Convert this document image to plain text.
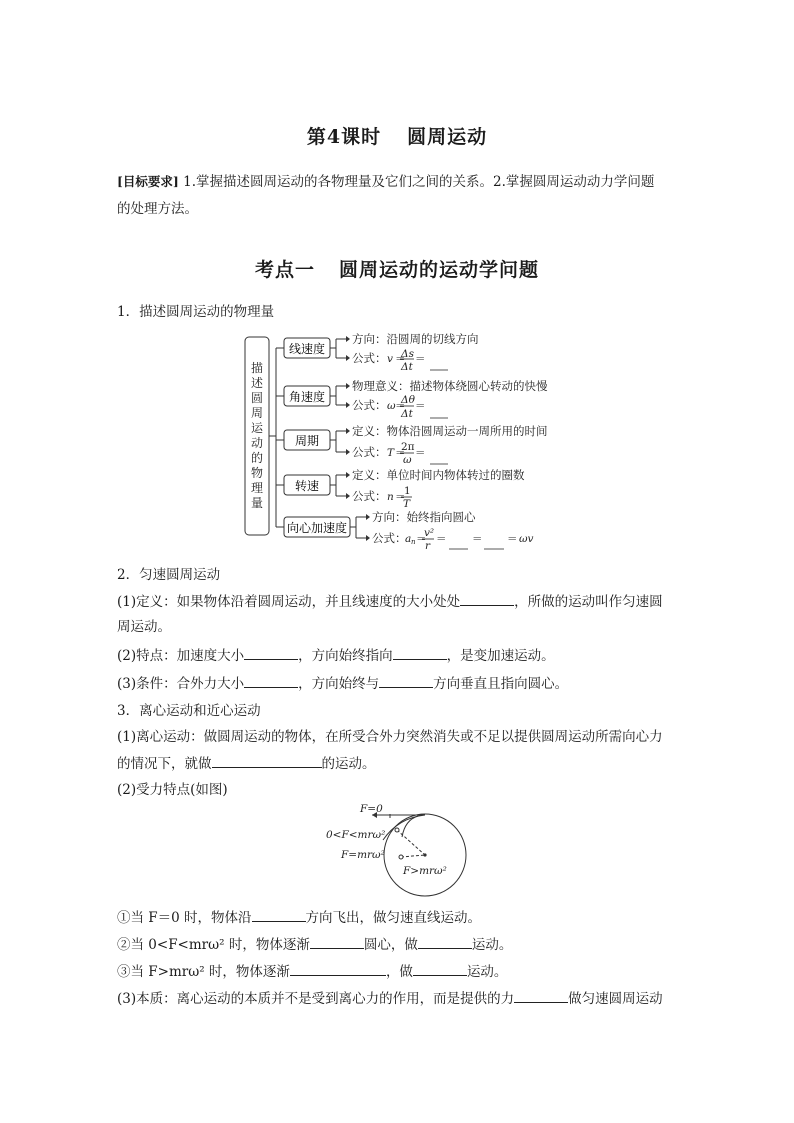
第4课时 圆周运动
[目标要求] 1.掌握描述圆周运动的各物理量及它们之间的关系。2.掌握圆周运动动力学问题
的处理方法。
考点一 圆周运动的运动学问题
1．描述圆周运动的物理量
描
述
圆
周
运
动
的
物
理
量
线速度
角速度
周期
转速
向心加速度
方向：沿圆周的切线方向
公式：
物理意义：描述物体绕圆心转动的快慢
公式：
定义：物体沿圆周运动一周所用的时间
公式：
定义：单位时间内物体转过的圈数
公式：
方向：始终指向圆心
公式：
v ＝
Δs
Δt
＝
ω ＝
Δθ
Δt
＝
T ＝
2π
ω
＝
n ＝
1
T
a n ＝
v²
r
＝ ＝ ＝ ωv
2．匀速圆周运动
(1)定义：如果物体沿着圆周运动，并且线速度的大小处处	，所做的运动叫作匀速圆
周运动。
(2)特点：加速度大小	，方向始终指向	，是变加速运动。
(3)条件：合外力大小	，方向始终与	方向垂直且指向圆心。
3．离心运动和近心运动
(1)离心运动：做圆周运动的物体，在所受合外力突然消失或不足以提供圆周运动所需向心力
的情况下，就做	的运动。
(2)受力特点(如图)
F=0
0<F<mrω²
F=mrω²
F>mrω²
①当 F＝0 时，物体沿	方向飞出，做匀速直线运动。
②当 0<F<mrω² 时，物体逐渐	圆心，做	运动。
③当 F>mrω² 时，物体逐渐	，做	运动。
(3)本质：离心运动的本质并不是受到离心力的作用，而是提供的力	做匀速圆周运动
